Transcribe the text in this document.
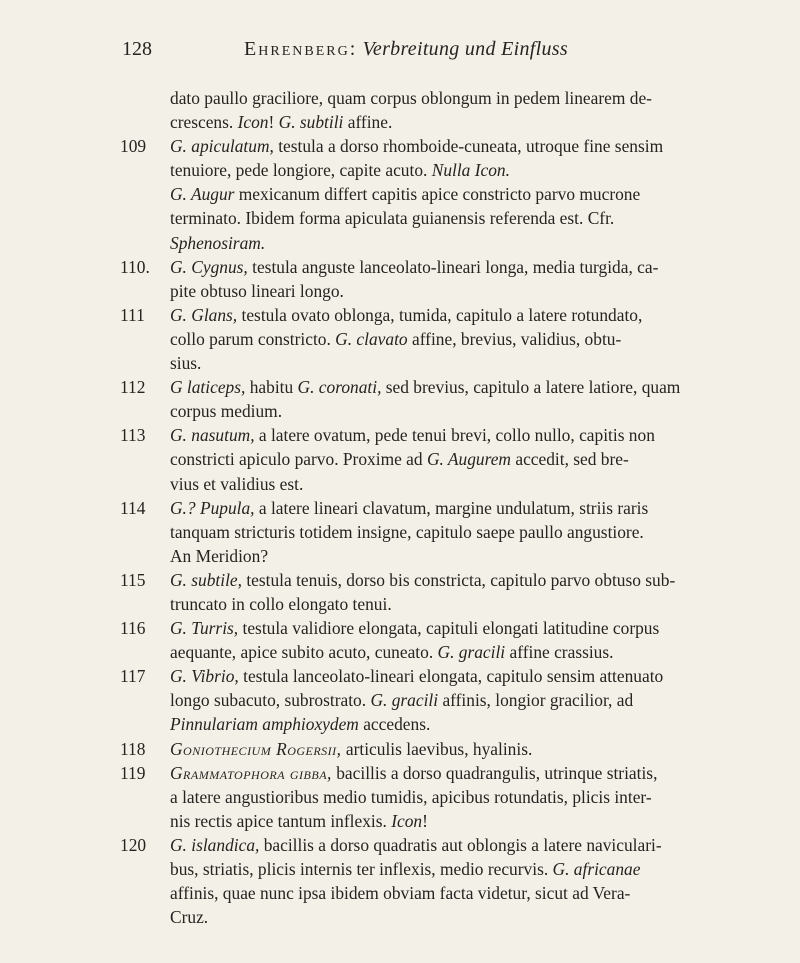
128	Ehrenberg: Verbreitung und Einfluss
dato paullo graciliore, quam corpus oblongum in pedem linearem de-
crescens. Icon! G. subtili affine.
109 G. apiculatum, testula a dorso rhomboide-cuneata, utroque fine sensim
tenuiore, pede longiore, capite acuto. Nulla Icon.
G. Augur mexicanum differt capitis apice constricto parvo mucrone
terminato. Ibidem forma apiculata guianensis referenda est. Cfr.
Sphenosiram.
110. G. Cygnus, testula anguste lanceolato-lineari longa, media turgida, ca-
pite obtuso lineari longo.
111 G. Glans, testula ovato oblonga, tumida, capitulo a latere rotundato,
collo parum constricto. G. clavato affine, brevius, validius, obtu-
sius.
112 G laticeps, habitu G. coronati, sed brevius, capitulo a latere latiore, quam
corpus medium.
113 G. nasutum, a latere ovatum, pede tenui brevi, collo nullo, capitis non
constricti apiculo parvo. Proxime ad G. Augurem accedit, sed bre-
vius et validius est.
114 G.? Pupula, a latere lineari clavatum, margine undulatum, striis raris
tanquam stricturis totidem insigne, capitulo saepe paullo angustiore.
An Meridion?
115 G. subtile, testula tenuis, dorso bis constricta, capitulo parvo obtuso sub-
truncato in collo elongato tenui.
116 G. Turris, testula validiore elongata, capituli elongati latitudine corpus
aequante, apice subito acuto, cuneato. G. gracili affine crassius.
117 G. Vibrio, testula lanceolato-lineari elongata, capitulo sensim attenuato
longo subacuto, subrostrato. G. gracili affinis, longior gracilior, ad
Pinnulariam amphioxydem accedens.
118 Goniothecium Rogersii, articulis laevibus, hyalinis.
119 Grammatophora gibba, bacillis a dorso quadrangulis, utrinque striatis,
a latere angustioribus medio tumidis, apicibus rotundatis, plicis inter-
nis rectis apice tantum inflexis. Icon!
120 G. islandica, bacillis a dorso quadratis aut oblongis a latere naviculari-
bus, striatis, plicis internis ter inflexis, medio recurvis. G. africanae
affinis, quae nunc ipsa ibidem obviam facta videtur, sicut ad Vera-
Cruz.
